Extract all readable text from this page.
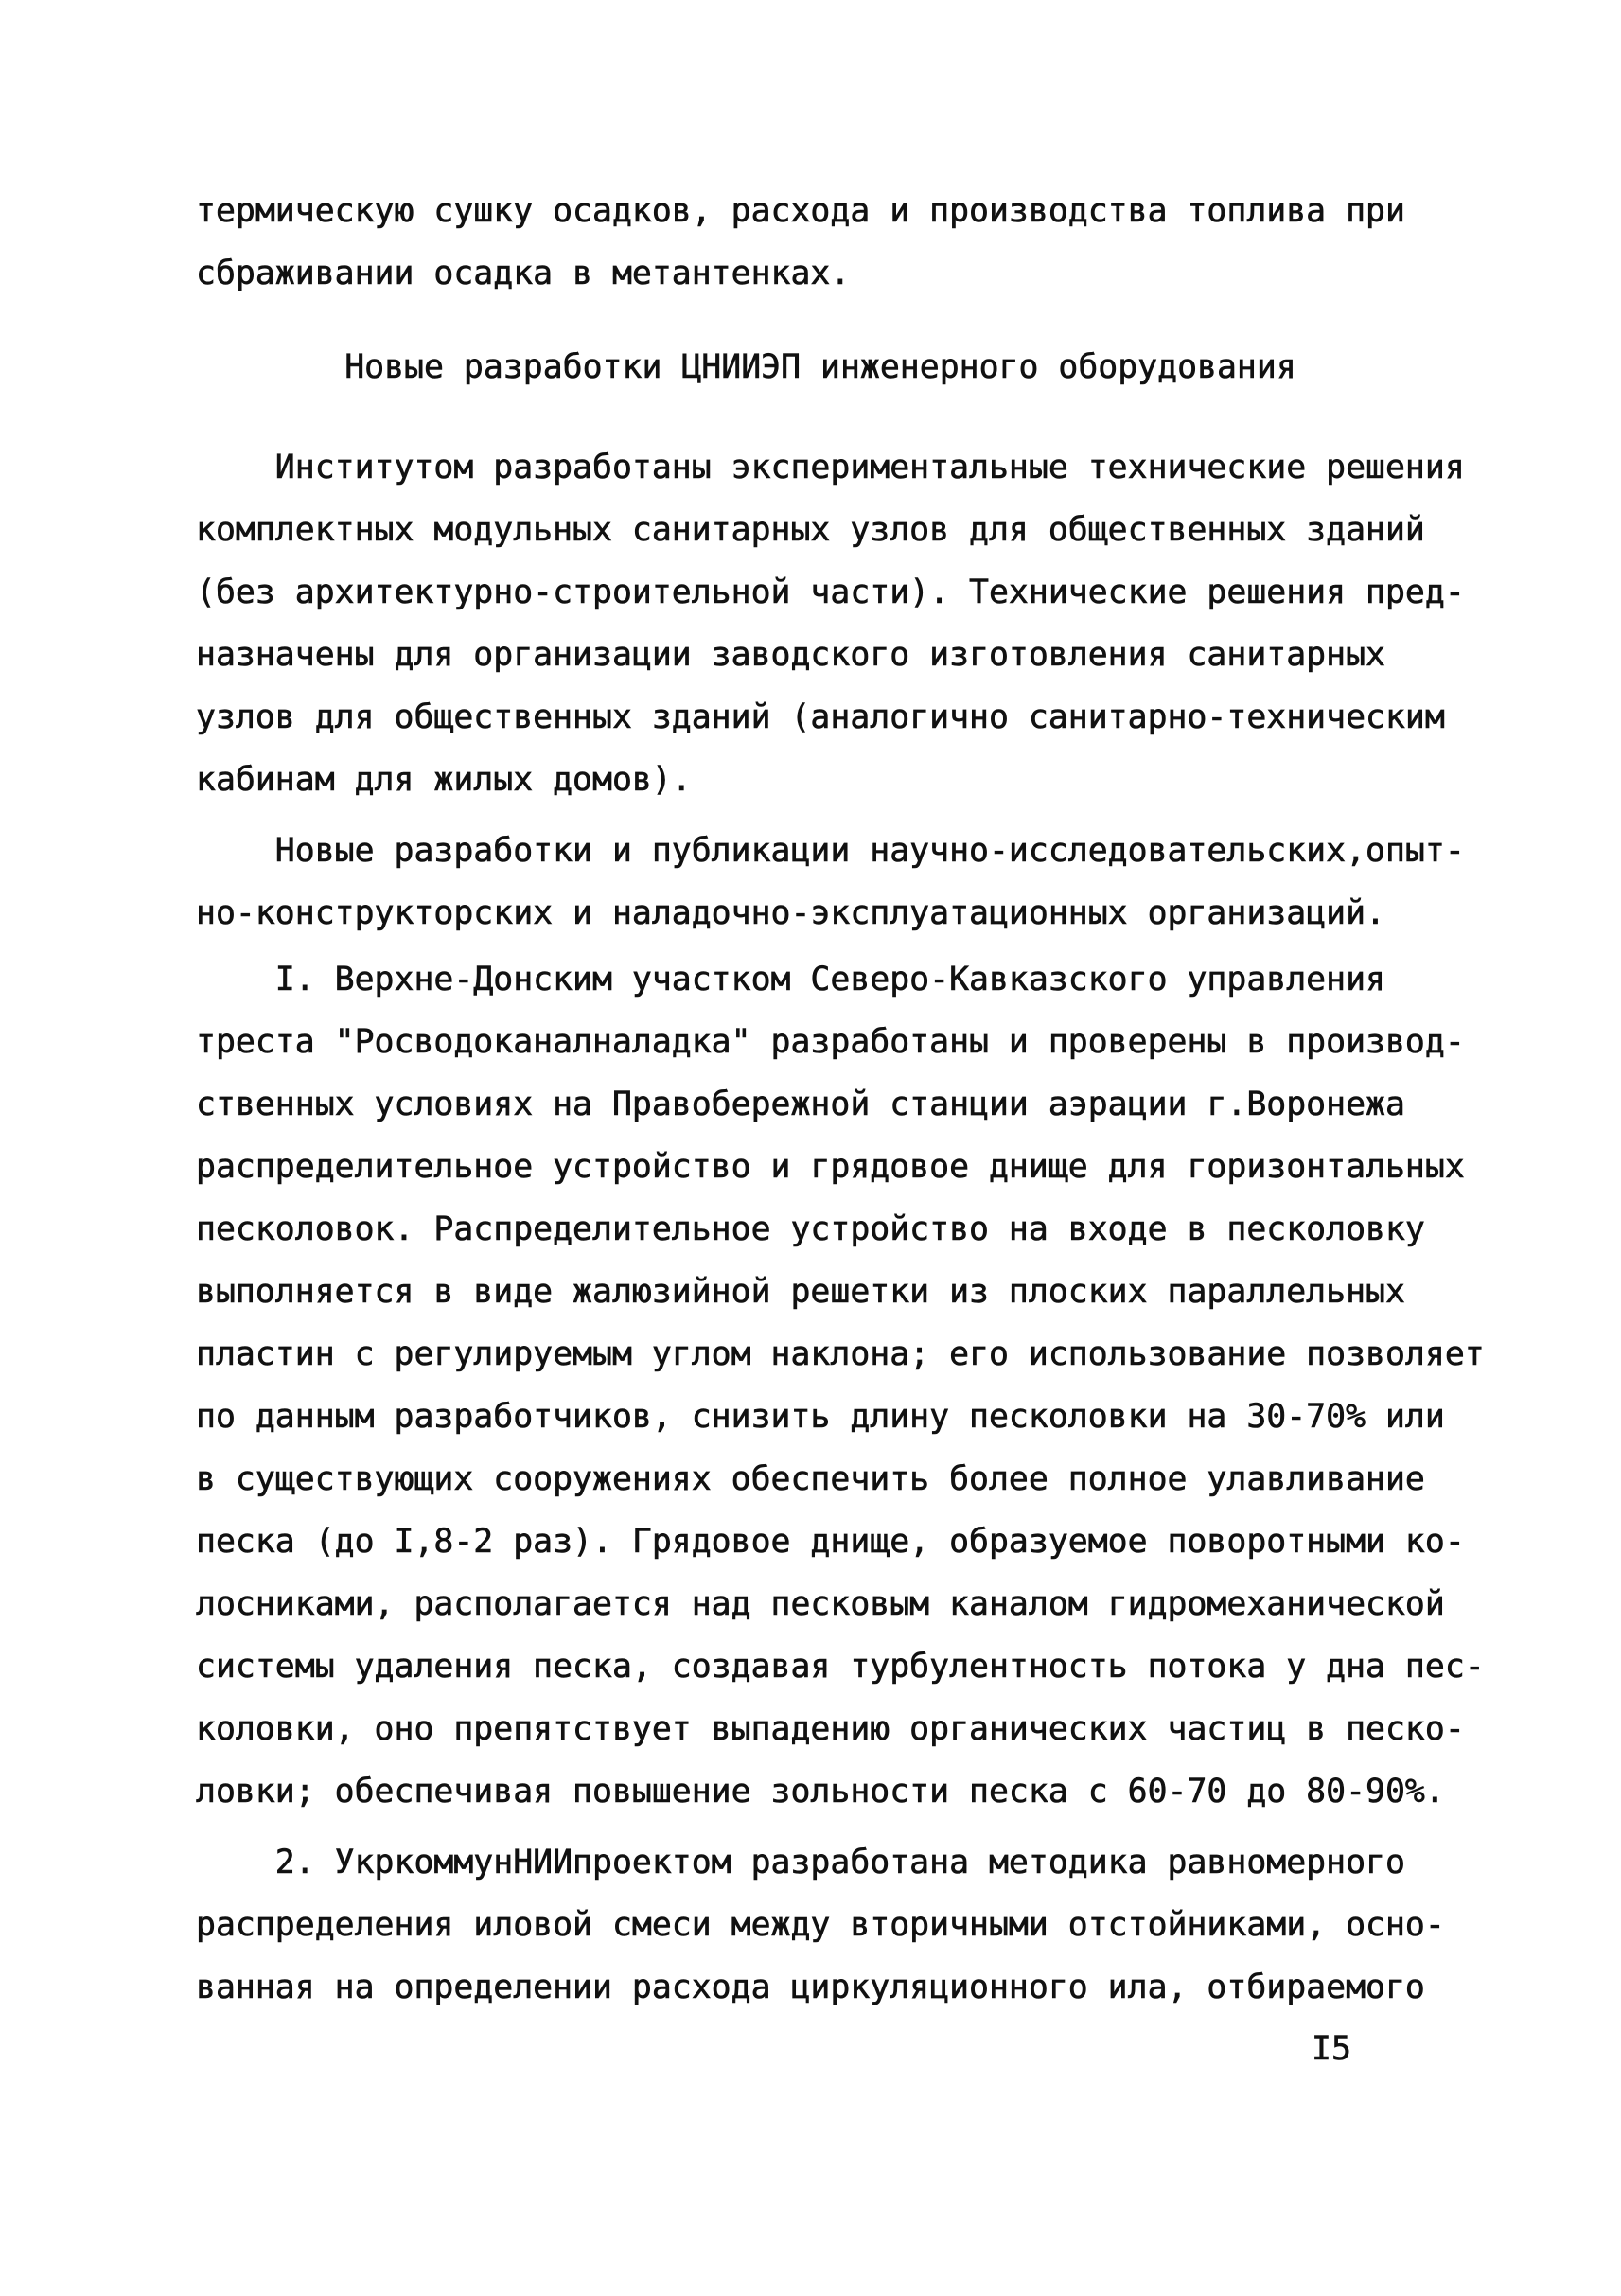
термическую сушку осадков, расхода и производства топлива при
сбраживании осадка в метантенках.
Новые разработки ЦНИИЭП инженерного оборудования
Институтом разработаны экспериментальные технические решения
комплектных модульных санитарных узлов для общественных зданий
(без архитектурно-строительной части). Технические решения пред-
назначены для организации заводского изготовления санитарных
узлов для общественных зданий (аналогично санитарно-техническим
кабинам для жилых домов).
Новые разработки и публикации научно-исследовательских,опыт-
но-конструкторских и наладочно-эксплуатационных организаций.
I. Верхне-Донским участком Северо-Кавказского управления
треста "Росводоканалналадка" разработаны и проверены в производ-
ственных условиях на Правобережной станции аэрации г.Воронежа
распределительное устройство и грядовое днище для горизонтальных
песколовок. Распределительное устройство на входе в песколовку
выполняется в виде жалюзийной решетки из плоских параллельных
пластин с регулируемым углом наклона; его использование позволяет
по данным разработчиков, снизить длину песколовки на 30-70% или
в существующих сооружениях обеспечить более полное улавливание
песка (до I,8-2 раз). Грядовое днище, образуемое поворотными ко-
лосниками, располагается над песковым каналом гидромеханической
системы удаления песка, создавая турбулентность потока у дна пес-
коловки, оно препятствует выпадению органических частиц в песко-
ловки; обеспечивая повышение зольности песка с 60-70 до 80-90%.
2. УкркоммунНИИпроектом разработана методика равномерного
распределения иловой смеси между вторичными отстойниками, осно-
ванная на определении расхода циркуляционного ила, отбираемого
I5
